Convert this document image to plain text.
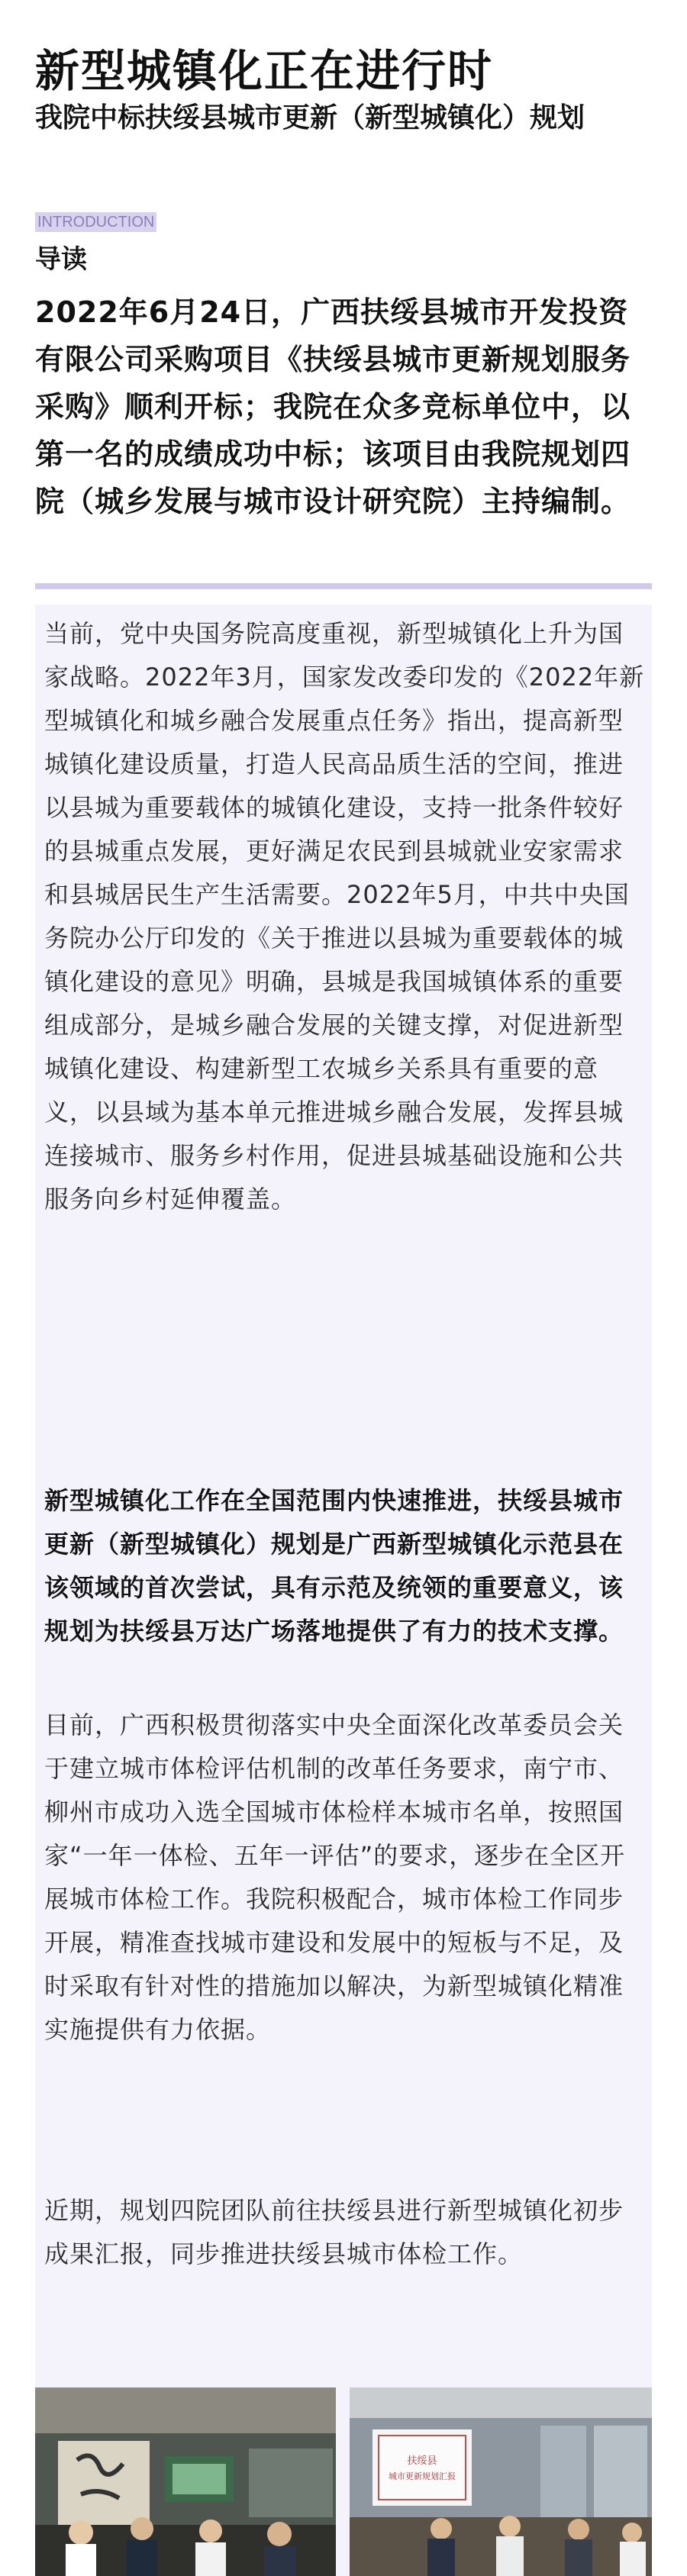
新型城镇化正在进行时
我院中标扶绥县城市更新（新型城镇化）规划
INTRODUCTION
导读

2022年6月24日，广西扶绥县城市开发投资有限公司采购项目《扶绥县城市更新规划服务采购》顺利开标；我院在众多竞标单位中，以第一名的成绩成功中标；该项目由我院规划四院（城乡发展与城市设计研究院）主持编制。

当前，党中央国务院高度重视，新型城镇化上升为国家战略。2022年3月，国家发改委印发的《2022年新型城镇化和城乡融合发展重点任务》指出，提高新型城镇化建设质量，打造人民高品质生活的空间，推进以县城为重要载体的城镇化建设，支持一批条件较好的县城重点发展，更好满足农民到县城就业安家需求和县城居民生产生活需要。2022年5月，中共中央国务院办公厅印发的《关于推进以县城为重要载体的城镇化建设的意见》明确，县城是我国城镇体系的重要组成部分，是城乡融合发展的关键支撑，对促进新型城镇化建设、构建新型工农城乡关系具有重要的意义，以县域为基本单元推进城乡融合发展，发挥县城连接城市、服务乡村作用，促进县城基础设施和公共服务向乡村延伸覆盖。

新型城镇化工作在全国范围内快速推进，扶绥县城市更新（新型城镇化）规划是广西新型城镇化示范县在该领域的首次尝试，具有示范及统领的重要意义，该规划为扶绥县万达广场落地提供了有力的技术支撑。

目前，广西积极贯彻落实中央全面深化改革委员会关于建立城市体检评估机制的改革任务要求，南宁市、柳州市成功入选全国城市体检样本城市名单，按照国家“一年一体检、五年一评估”的要求，逐步在全区开展城市体检工作。我院积极配合，城市体检工作同步开展，精准查找城市建设和发展中的短板与不足，及时采取有针对性的措施加以解决，为新型城镇化精准实施提供有力依据。

近期，规划四院团队前往扶绥县进行新型城镇化初步成果汇报，同步推进扶绥县城市体检工作。

扶绥县
城市更新规划汇报
